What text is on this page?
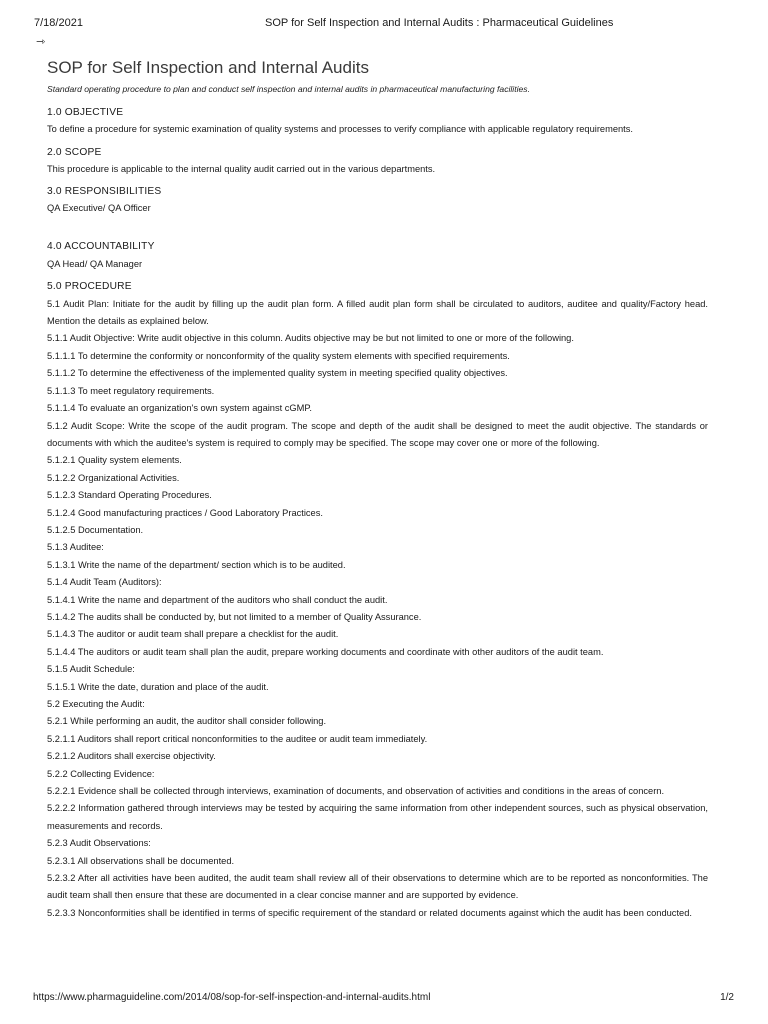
7/18/2021	SOP for Self Inspection and Internal Audits : Pharmaceutical Guidelines
⇾
SOP for Self Inspection and Internal Audits
Standard operating procedure to plan and conduct self inspection and internal audits in pharmaceutical manufacturing facilities.

1.0 OBJECTIVE

To define a procedure for systemic examination of quality systems and processes to verify compliance with applicable regulatory requirements.

2.0 SCOPE

This procedure is applicable to the internal quality audit carried out in the various departments.

3.0 RESPONSIBILITIES

QA Executive/ QA Officer

4.0 ACCOUNTABILITY

QA Head/ QA Manager

5.0 PROCEDURE

5.1 Audit Plan: Initiate for the audit by filling up the audit plan form. A filled audit plan form shall be circulated to auditors, auditee and quality/Factory head. Mention the details as explained below.

5.1.1 Audit Objective: Write audit objective in this column. Audits objective may be but not limited to one or more of the following.

5.1.1.1 To determine the conformity or nonconformity of the quality system elements with specified requirements.

5.1.1.2 To determine the effectiveness of the implemented quality system in meeting specified quality objectives.

5.1.1.3 To meet regulatory requirements.

5.1.1.4 To evaluate an organization's own system against cGMP.

5.1.2 Audit Scope: Write the scope of the audit program. The scope and depth of the audit shall be designed to meet the audit objective. The standards or documents with which the auditee's system is required to comply may be specified. The scope may cover one or more of the following.

5.1.2.1 Quality system elements.

5.1.2.2 Organizational Activities.

5.1.2.3 Standard Operating Procedures.

5.1.2.4 Good manufacturing practices / Good Laboratory Practices.

5.1.2.5 Documentation.

5.1.3 Auditee:

5.1.3.1 Write the name of the department/ section which is to be audited.

5.1.4 Audit Team (Auditors):

5.1.4.1 Write the name and department of the auditors who shall conduct the audit.

5.1.4.2 The audits shall be conducted by, but not limited to a member of Quality Assurance.

5.1.4.3 The auditor or audit team shall prepare a checklist for the audit.

5.1.4.4 The auditors or audit team shall plan the audit, prepare working documents and coordinate with other auditors of the audit team.

5.1.5 Audit Schedule:

5.1.5.1 Write the date, duration and place of the audit.

5.2 Executing the Audit:

5.2.1 While performing an audit, the auditor shall consider following.

5.2.1.1 Auditors shall report critical nonconformities to the auditee or audit team immediately.

5.2.1.2 Auditors shall exercise objectivity.

5.2.2 Collecting Evidence:

5.2.2.1 Evidence shall be collected through interviews, examination of documents, and observation of activities and conditions in the areas of concern.

5.2.2.2 Information gathered through interviews may be tested by acquiring the same information from other independent sources, such as physical observation, measurements and records.

5.2.3 Audit Observations:

5.2.3.1 All observations shall be documented.

5.2.3.2 After all activities have been audited, the audit team shall review all of their observations to determine which are to be reported as nonconformities. The audit team shall then ensure that these are documented in a clear concise manner and are supported by evidence.

5.2.3.3 Nonconformities shall be identified in terms of specific requirement of the standard or related documents against which the audit has been conducted.

https://www.pharmaguideline.com/2014/08/sop-for-self-inspection-and-internal-audits.html	1/2
